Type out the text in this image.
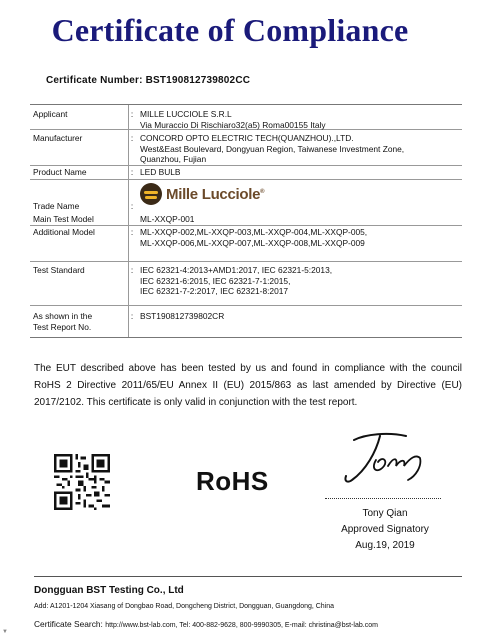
Certificate of Compliance
Certificate Number: BST190812739802CC
Applicant	: MILLE LUCCIOLE S.R.L
Via Muraccio Di Rischiaro32(a5) Roma00155 Italy
Manufacturer	: CONCORD OPTO ELECTRIC TECH(QUANZHOU).,LTD.
West&East Boulevard, Dongyuan Region, Taiwanese Investment Zone,
Quanzhou, Fujian
Product Name	: LED BULB
Trade Name	:
Mille Lucciole®
Main Test Model	ML-XXQP-001
Additional Model	: ML-XXQP-002,ML-XXQP-003,ML-XXQP-004,ML-XXQP-005,
ML-XXQP-006,ML-XXQP-007,ML-XXQP-008,ML-XXQP-009
Test Standard	: IEC 62321-4:2013+AMD1:2017, IEC 62321-5:2013,
IEC 62321-6:2015, IEC 62321-7-1:2015,
IEC 62321-7-2:2017, IEC 62321-8:2017
As shown in the
Test Report No.
: BST190812739802CR
The EUT described above has been tested by us and found in compliance with the council RoHS 2 Directive 2011/65/EU Annex II (EU) 2015/863 as last amended by Directive (EU) 2017/2102. This certificate is only valid in conjunction with the test report.
RoHS
Tony Qian
Approved Signatory
Aug.19, 2019
Dongguan BST Testing Co., Ltd
Add: A1201-1204 Xiasang of Dongbao Road, Dongcheng District, Dongguan, Guangdong, China
Certificate Search: http://www.bst-lab.com, Tel: 400-882-9628, 800-9990305, E-mail: christina@bst-lab.com
▼
